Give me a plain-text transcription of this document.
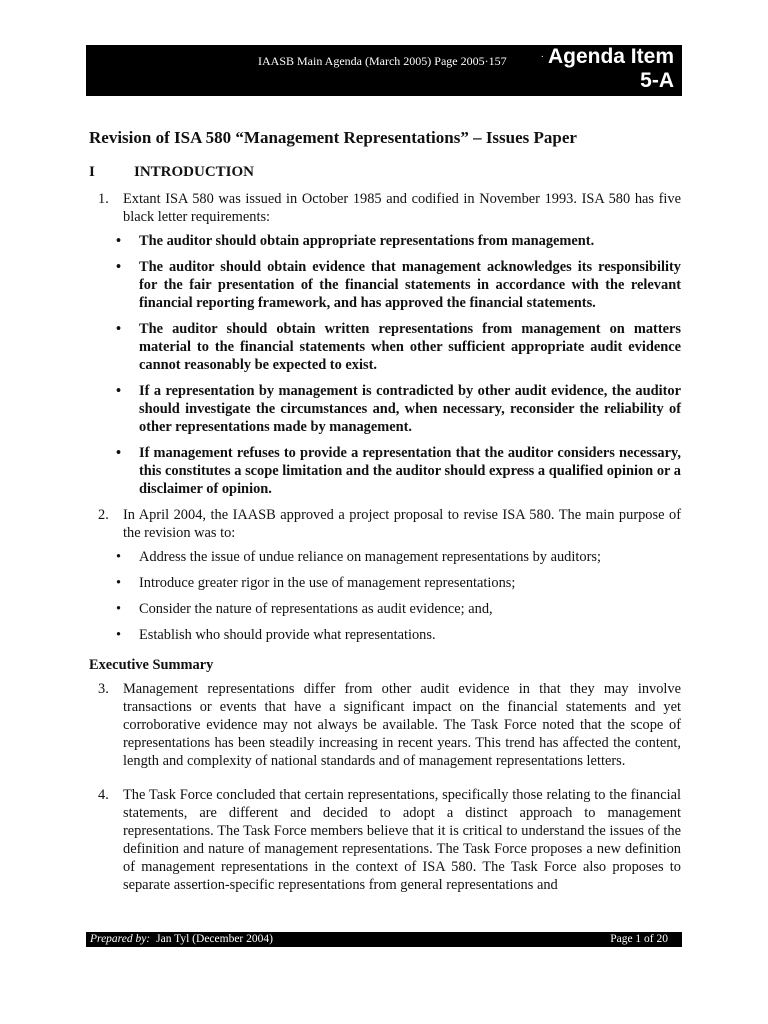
IAASB Main Agenda (March 2005) Page 2005·157	· Agenda Item
5-A
Revision of ISA 580 “Management Representations” – Issues Paper
I	INTRODUCTION
1. Extant ISA 580 was issued in October 1985 and codified in November 1993. ISA 580 has five black letter requirements:
• The auditor should obtain appropriate representations from management.
• The auditor should obtain evidence that management acknowledges its responsibility for the fair presentation of the financial statements in accordance with the relevant financial reporting framework, and has approved the financial statements.
• The auditor should obtain written representations from management on matters material to the financial statements when other sufficient appropriate audit evidence cannot reasonably be expected to exist.
• If a representation by management is contradicted by other audit evidence, the auditor should investigate the circumstances and, when necessary, reconsider the reliability of other representations made by management.
• If management refuses to provide a representation that the auditor considers necessary, this constitutes a scope limitation and the auditor should express a qualified opinion or a disclaimer of opinion.
2. In April 2004, the IAASB approved a project proposal to revise ISA 580. The main purpose of the revision was to:
• Address the issue of undue reliance on management representations by auditors;
• Introduce greater rigor in the use of management representations;
• Consider the nature of representations as audit evidence; and,
• Establish who should provide what representations.
Executive Summary
3. Management representations differ from other audit evidence in that they may involve transactions or events that have a significant impact on the financial statements and yet corroborative evidence may not always be available. The Task Force noted that the scope of representations has been steadily increasing in recent years. This trend has affected the content, length and complexity of national standards and of management representations letters.
4. The Task Force concluded that certain representations, specifically those relating to the financial statements, are different and decided to adopt a distinct approach to management representations. The Task Force members believe that it is critical to understand the issues of the definition and nature of management representations. The Task Force proposes a new definition of management representations in the context of ISA 580. The Task Force also proposes to separate assertion-specific representations from general representations and
Prepared by: Jan Tyl (December 2004)	Page 1 of 20
